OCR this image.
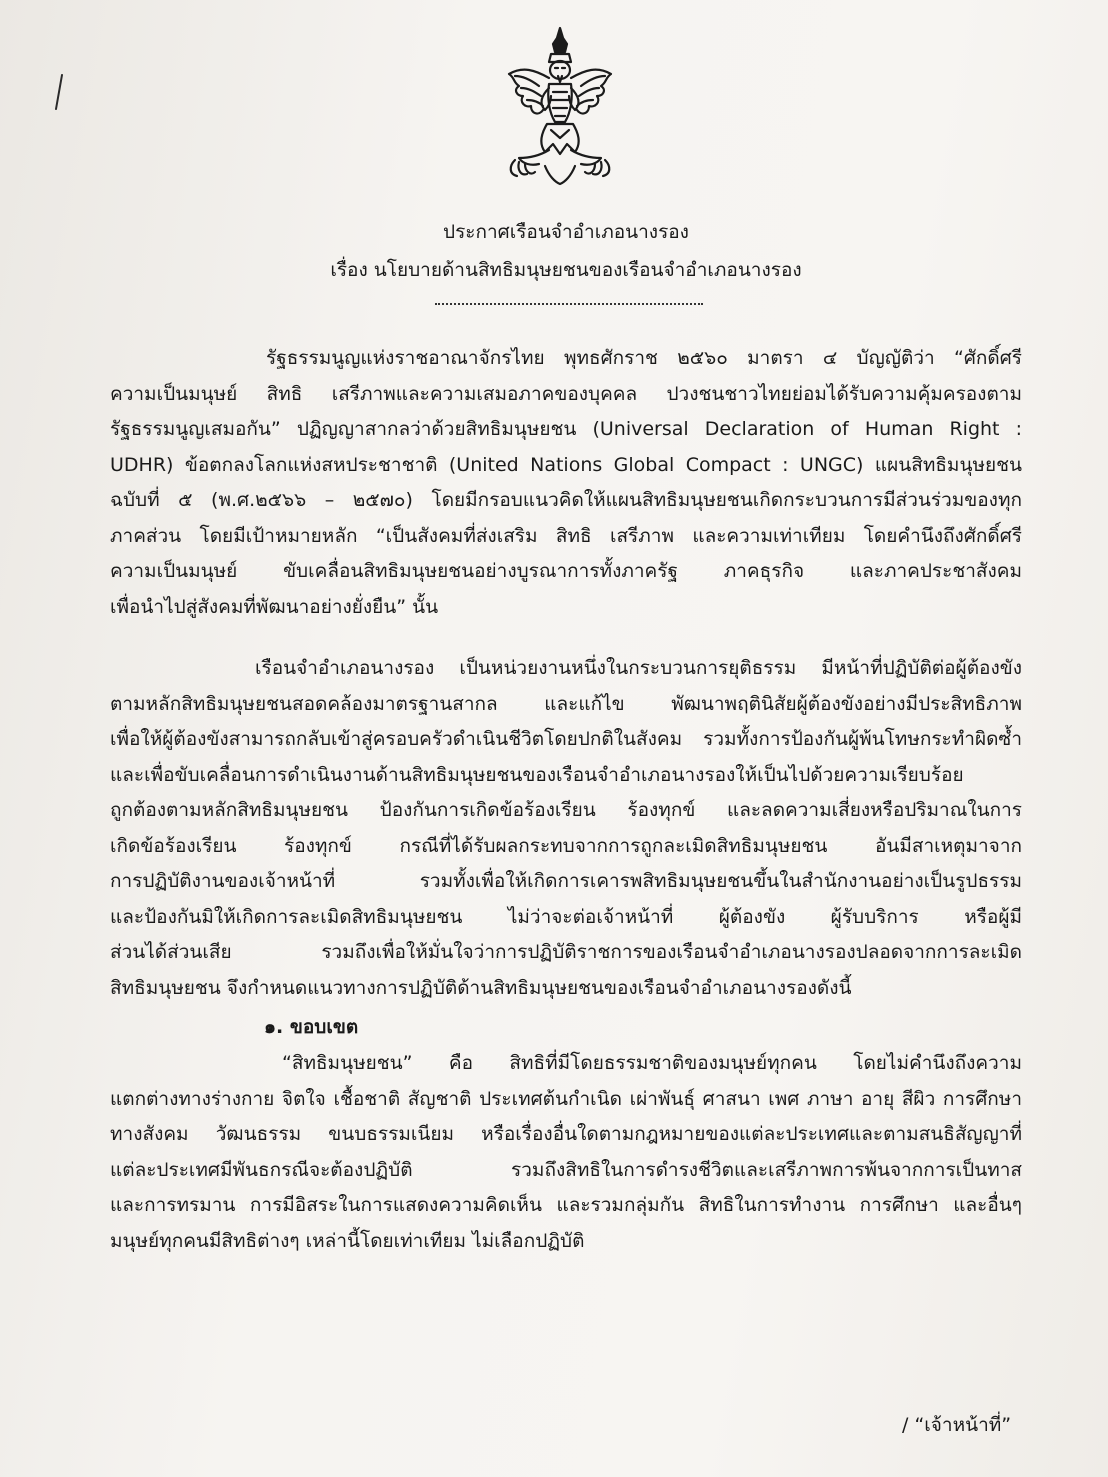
ประกาศเรือนจำอำเภอนางรอง
เรื่อง นโยบายด้านสิทธิมนุษยชนของเรือนจำอำเภอนางรอง
รัฐธรรมนูญแห่งราชอาณาจักรไทย พุทธศักราช ๒๕๖๐ มาตรา ๔ บัญญัติว่า “ศักดิ์ศรี
ความเป็นมนุษย์ สิทธิ เสรีภาพและความเสมอภาคของบุคคล ปวงชนชาวไทยย่อมได้รับความคุ้มครองตาม
รัฐธรรมนูญเสมอกัน” ปฏิญญาสากลว่าด้วยสิทธิมนุษยชน (Universal Declaration of Human Right :
UDHR) ข้อตกลงโลกแห่งสหประชาชาติ (United Nations Global Compact : UNGC) แผนสิทธิมนุษยชน
ฉบับที่ ๕ (พ.ศ.๒๕๖๖ – ๒๕๗๐) โดยมีกรอบแนวคิดให้แผนสิทธิมนุษยชนเกิดกระบวนการมีส่วนร่วมของทุก
ภาคส่วน โดยมีเป้าหมายหลัก “เป็นสังคมที่ส่งเสริม สิทธิ เสรีภาพ และความเท่าเทียม โดยคำนึงถึงศักดิ์ศรี
ความเป็นมนุษย์ ขับเคลื่อนสิทธิมนุษยชนอย่างบูรณาการทั้งภาครัฐ ภาคธุรกิจ และภาคประชาสังคม
เพื่อนำไปสู่สังคมที่พัฒนาอย่างยั่งยืน” นั้น
เรือนจำอำเภอนางรอง เป็นหน่วยงานหนึ่งในกระบวนการยุติธรรม มีหน้าที่ปฏิบัติต่อผู้ต้องขัง
ตามหลักสิทธิมนุษยชนสอดคล้องมาตรฐานสากล และแก้ไข พัฒนาพฤตินิสัยผู้ต้องขังอย่างมีประสิทธิภาพ
เพื่อให้ผู้ต้องขังสามารถกลับเข้าสู่ครอบครัวดำเนินชีวิตโดยปกติในสังคม รวมทั้งการป้องกันผู้พ้นโทษกระทำผิดซ้ำ
และเพื่อขับเคลื่อนการดำเนินงานด้านสิทธิมนุษยชนของเรือนจำอำเภอนางรองให้เป็นไปด้วยความเรียบร้อย
ถูกต้องตามหลักสิทธิมนุษยชน ป้องกันการเกิดข้อร้องเรียน ร้องทุกข์ และลดความเสี่ยงหรือปริมาณในการ
เกิดข้อร้องเรียน ร้องทุกข์ กรณีที่ได้รับผลกระทบจากการถูกละเมิดสิทธิมนุษยชน อันมีสาเหตุมาจาก
การปฏิบัติงานของเจ้าหน้าที่ รวมทั้งเพื่อให้เกิดการเคารพสิทธิมนุษยชนขึ้นในสำนักงานอย่างเป็นรูปธรรม
และป้องกันมิให้เกิดการละเมิดสิทธิมนุษยชน ไม่ว่าจะต่อเจ้าหน้าที่ ผู้ต้องขัง ผู้รับบริการ หรือผู้มี
ส่วนได้ส่วนเสีย รวมถึงเพื่อให้มั่นใจว่าการปฏิบัติราชการของเรือนจำอำเภอนางรองปลอดจากการละเมิด
สิทธิมนุษยชน จึงกำหนดแนวทางการปฏิบัติด้านสิทธิมนุษยชนของเรือนจำอำเภอนางรองดังนี้
๑. ขอบเขต
“สิทธิมนุษยชน” คือ สิทธิที่มีโดยธรรมชาติของมนุษย์ทุกคน โดยไม่คำนึงถึงความ
แตกต่างทางร่างกาย จิตใจ เชื้อชาติ สัญชาติ ประเทศต้นกำเนิด เผ่าพันธุ์ ศาสนา เพศ ภาษา อายุ สีผิว การศึกษา
ทางสังคม วัฒนธรรม ขนบธรรมเนียม หรือเรื่องอื่นใดตามกฎหมายของแต่ละประเทศและตามสนธิสัญญาที่
แต่ละประเทศมีพันธกรณีจะต้องปฏิบัติ รวมถึงสิทธิในการดำรงชีวิตและเสรีภาพการพ้นจากการเป็นทาส
และการทรมาน การมีอิสระในการแสดงความคิดเห็น และรวมกลุ่มกัน สิทธิในการทำงาน การศึกษา และอื่นๆ
มนุษย์ทุกคนมีสิทธิต่างๆ เหล่านี้โดยเท่าเทียม ไม่เลือกปฏิบัติ
/ “เจ้าหน้าที่”
